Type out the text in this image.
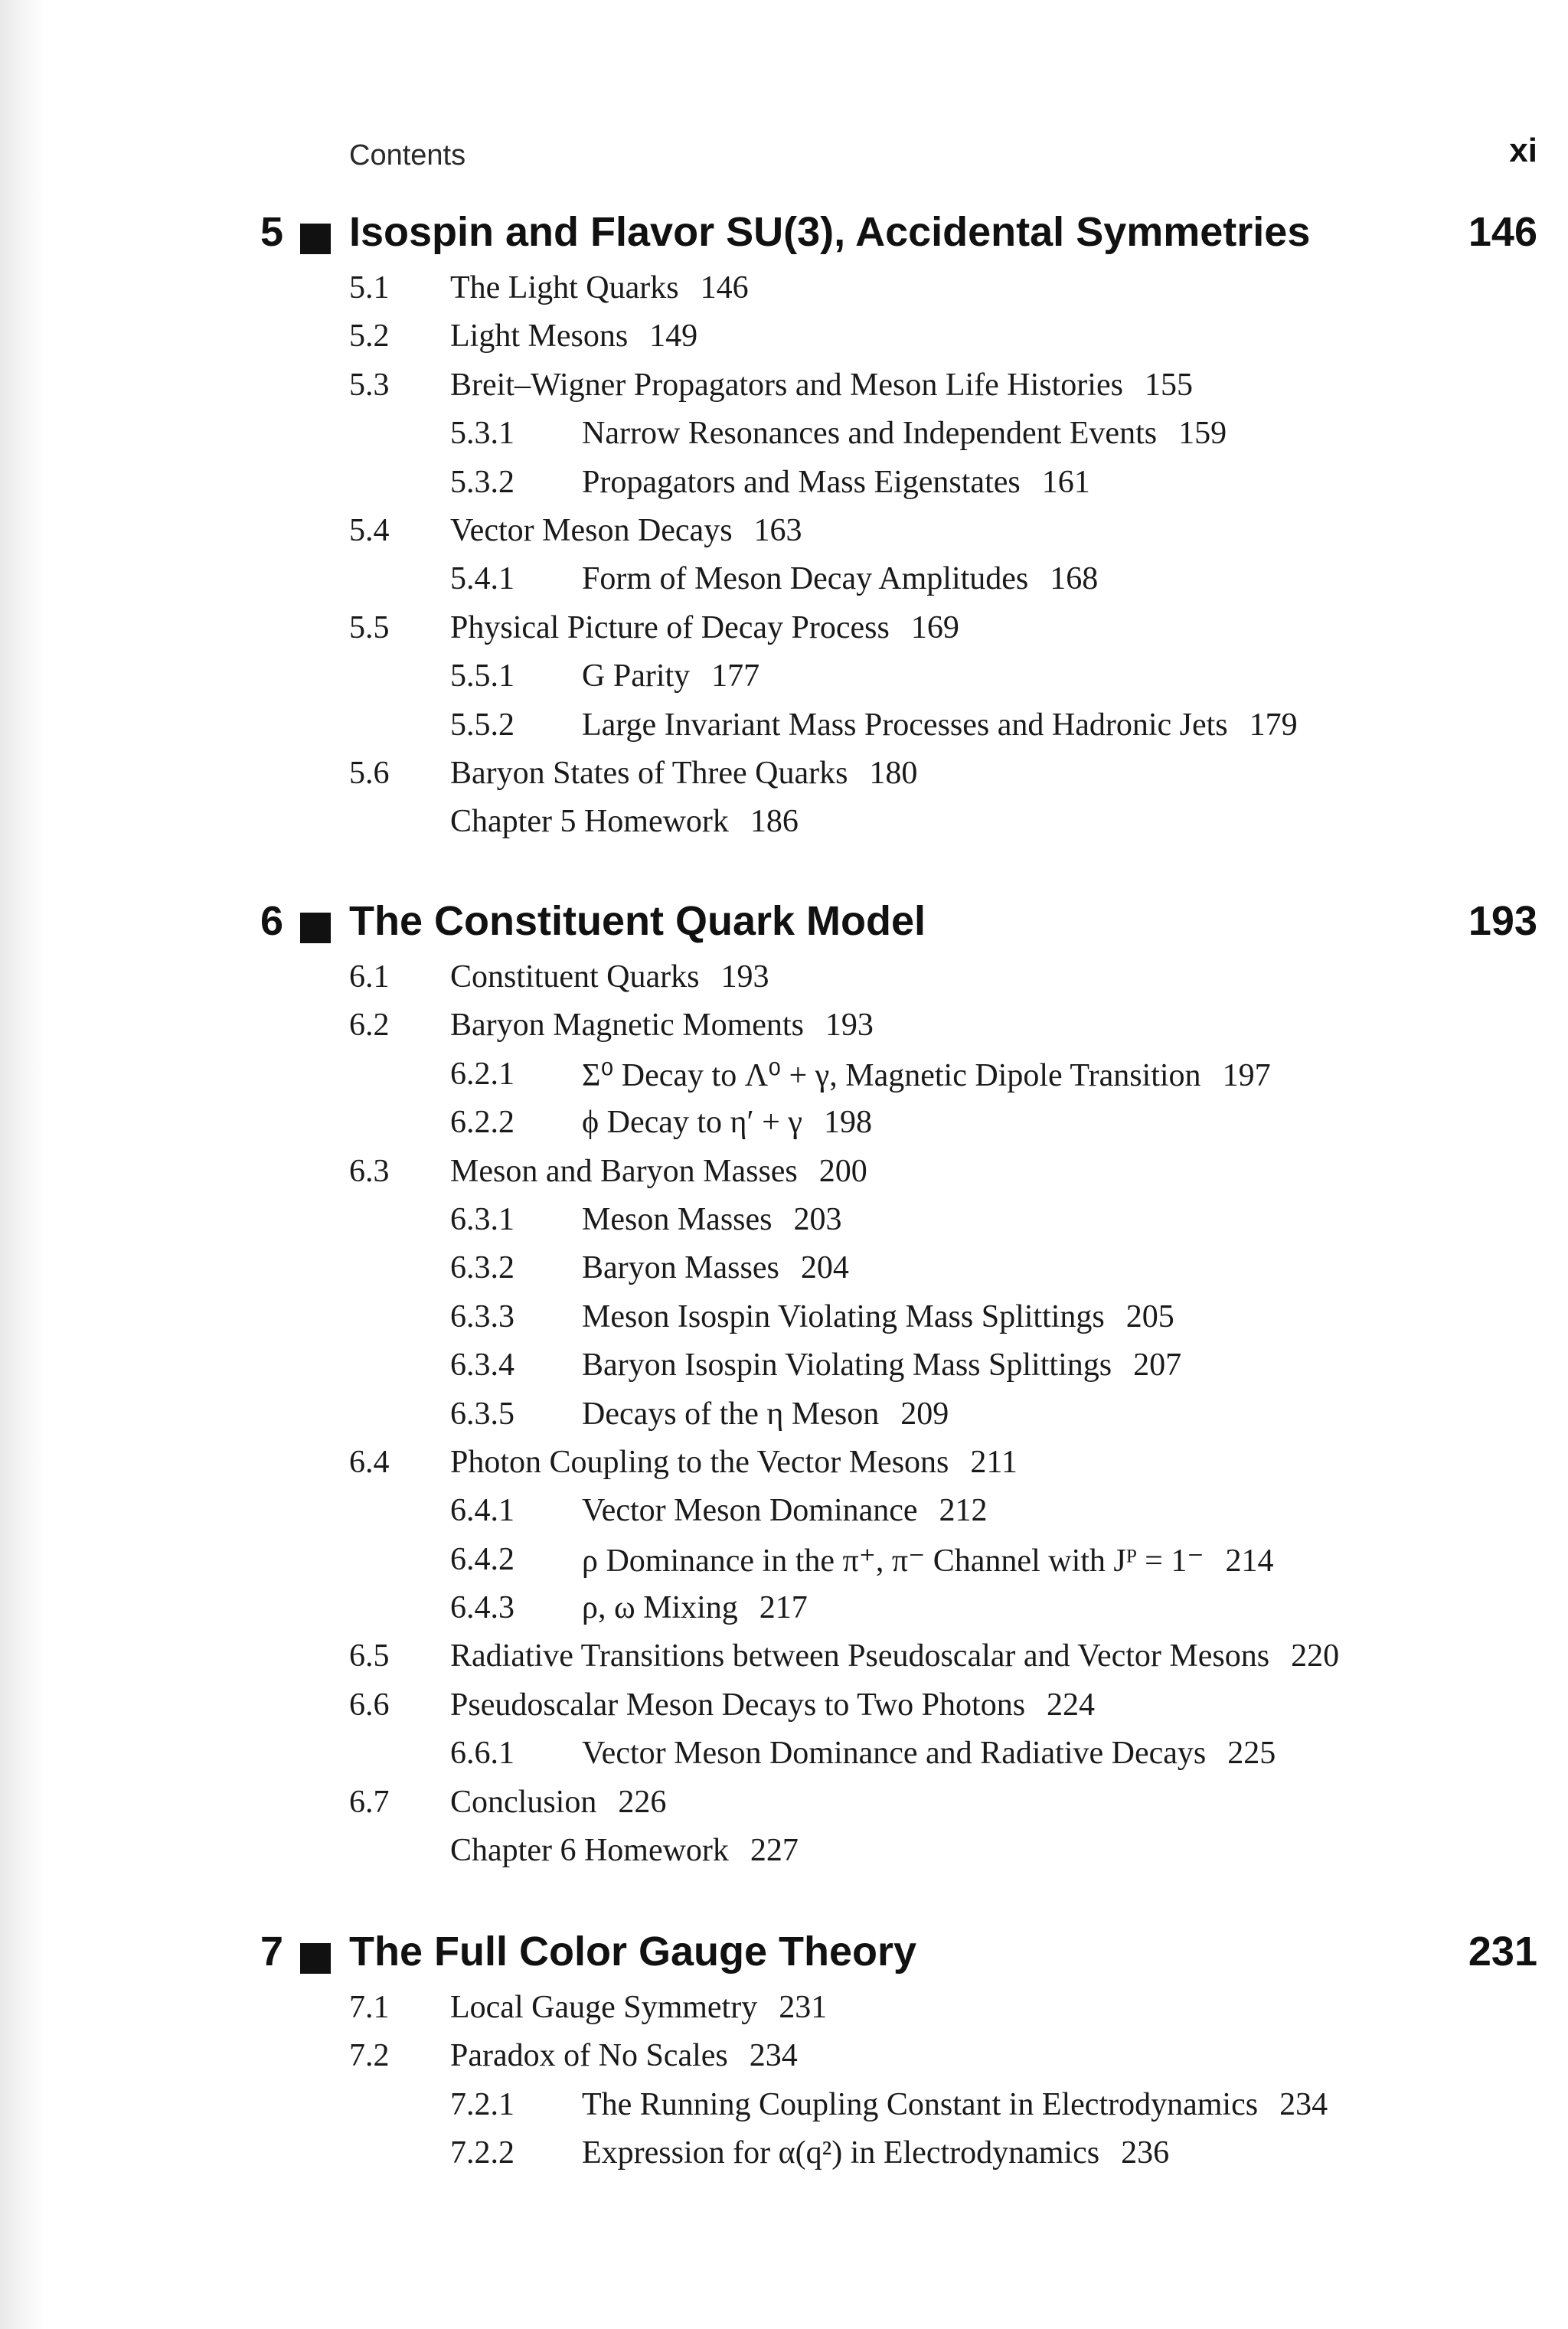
Contents	xi
5 Isospin and Flavor SU(3), Accidental Symmetries	146
5.1 The Light Quarks 146
5.2 Light Mesons 149
5.3 Breit–Wigner Propagators and Meson Life Histories 155
5.3.1 Narrow Resonances and Independent Events 159
5.3.2 Propagators and Mass Eigenstates 161
5.4 Vector Meson Decays 163
5.4.1 Form of Meson Decay Amplitudes 168
5.5 Physical Picture of Decay Process 169
5.5.1 G Parity 177
5.5.2 Large Invariant Mass Processes and Hadronic Jets 179
5.6 Baryon States of Three Quarks 180
Chapter 5 Homework 186
6 The Constituent Quark Model	193
6.1 Constituent Quarks 193
6.2 Baryon Magnetic Moments 193
6.2.1 Σ⁰ Decay to Λ⁰ + γ, Magnetic Dipole Transition 197
6.2.2 ϕ Decay to η′ + γ 198
6.3 Meson and Baryon Masses 200
6.3.1 Meson Masses 203
6.3.2 Baryon Masses 204
6.3.3 Meson Isospin Violating Mass Splittings 205
6.3.4 Baryon Isospin Violating Mass Splittings 207
6.3.5 Decays of the η Meson 209
6.4 Photon Coupling to the Vector Mesons 211
6.4.1 Vector Meson Dominance 212
6.4.2 ρ Dominance in the π⁺, π⁻ Channel with Jᴾ = 1⁻ 214
6.4.3 ρ, ω Mixing 217
6.5 Radiative Transitions between Pseudoscalar and Vector Mesons 220
6.6 Pseudoscalar Meson Decays to Two Photons 224
6.6.1 Vector Meson Dominance and Radiative Decays 225
6.7 Conclusion 226
Chapter 6 Homework 227
7 The Full Color Gauge Theory	231
7.1 Local Gauge Symmetry 231
7.2 Paradox of No Scales 234
7.2.1 The Running Coupling Constant in Electrodynamics 234
7.2.2 Expression for α(q²) in Electrodynamics 236
